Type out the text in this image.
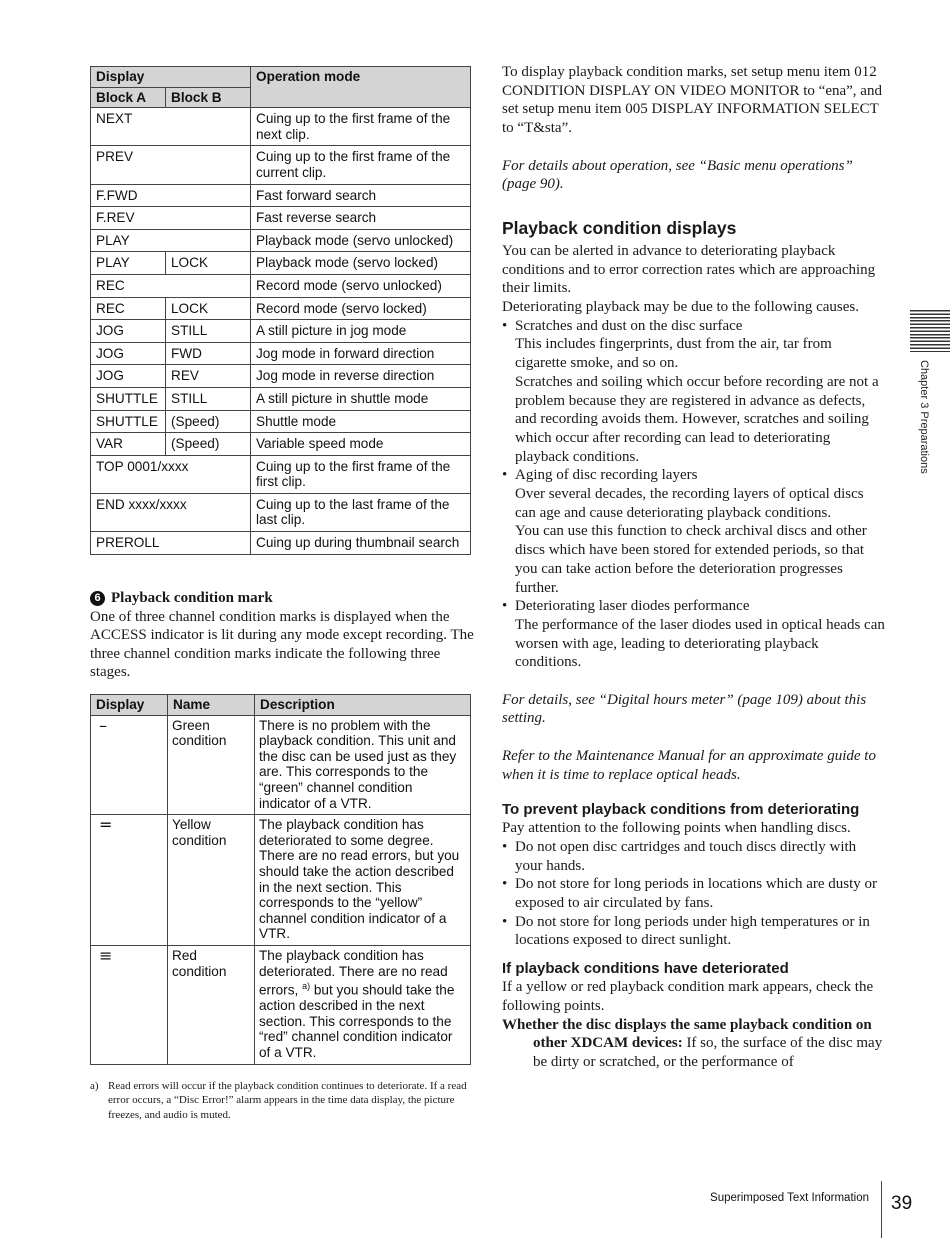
Display		Operation mode
Block A	Block B	
NEXT		Cuing up to the first frame of the next clip.
PREV		Cuing up to the first frame of the current clip.
F.FWD		Fast forward search
F.REV		Fast reverse search
PLAY		Playback mode (servo unlocked)
PLAY	LOCK	Playback mode (servo locked)
REC		Record mode (servo unlocked)
REC	LOCK	Record mode (servo locked)
JOG	STILL	A still picture in jog mode
JOG	FWD	Jog mode in forward direction
JOG	REV	Jog mode in reverse direction
SHUTTLE	STILL	A still picture in shuttle mode
SHUTTLE	(Speed)	Shuttle mode
VAR	(Speed)	Variable speed mode
TOP 0001/xxxx		Cuing up to the first frame of the first clip.
END xxxx/xxxx		Cuing up to the last frame of the last clip.
PREROLL		Cuing up during thumbnail search
6 Playback condition mark
One of three channel condition marks is displayed when the ACCESS indicator is lit during any mode except recording. The three channel condition marks indicate the following three stages.
Display	Name	Description
–	Green condition	There is no problem with the playback condition. This unit and the disc can be used just as they are. This corresponds to the “green” channel condition indicator of a VTR.
=	Yellow condition	The playback condition has deteriorated to some degree. There are no read errors, but you should take the action described in the next section. This corresponds to the “yellow” channel condition indicator of a VTR.
≡	Red condition	The playback condition has deteriorated. There are no read errors, $^{a)}$ but you should take the action described in the next section. This corresponds to the “red” channel condition indicator of a VTR.
a) Read errors will occur if the playback condition continues to deteriorate. If a read error occurs, a “Disc Error!” alarm appears in the time data display, the picture freezes, and audio is muted.

To display playback condition marks, set setup menu item 012 CONDITION DISPLAY ON VIDEO MONITOR to “ena”, and set setup menu item 005 DISPLAY INFORMATION SELECT to “T&sta”.

For details about operation, see “Basic menu operations” (page 90).

Playback condition displays

You can be alerted in advance to deteriorating playback conditions and to error correction rates which are approaching their limits.

Deteriorating playback may be due to the following causes.

• Scratches and dust on the disc surface
This includes fingerprints, dust from the air, tar from cigarette smoke, and so on.
Scratches and soiling which occur before recording are not a problem because they are registered in advance as defects, and recording avoids them. However, scratches and soiling which occur after recording can lead to deteriorating playback conditions.
• Aging of disc recording layers
Over several decades, the recording layers of optical discs can age and cause deteriorating playback conditions.
You can use this function to check archival discs and other discs which have been stored for extended periods, so that you can take action before the deterioration progresses further.
• Deteriorating laser diodes performance
The performance of the laser diodes used in optical heads can worsen with age, leading to deteriorating playback conditions.

For details, see “Digital hours meter” (page 109) about this setting.

Refer to the Maintenance Manual for an approximate guide to when it is time to replace optical heads.

To prevent playback conditions from deteriorating

Pay attention to the following points when handling discs.

• Do not open disc cartridges and touch discs directly with your hands.
• Do not store for long periods in locations which are dusty or exposed to air circulated by fans.
• Do not store for long periods under high temperatures or in locations exposed to direct sunlight.

If playback conditions have deteriorated

If a yellow or red playback condition mark appears, check the following points.

Whether the disc displays the same playback condition on other XDCAM devices: If so, the surface of the disc may be dirty or scratched, or the performance of

Chapter 3 Preparations
Superimposed Text Information 39
